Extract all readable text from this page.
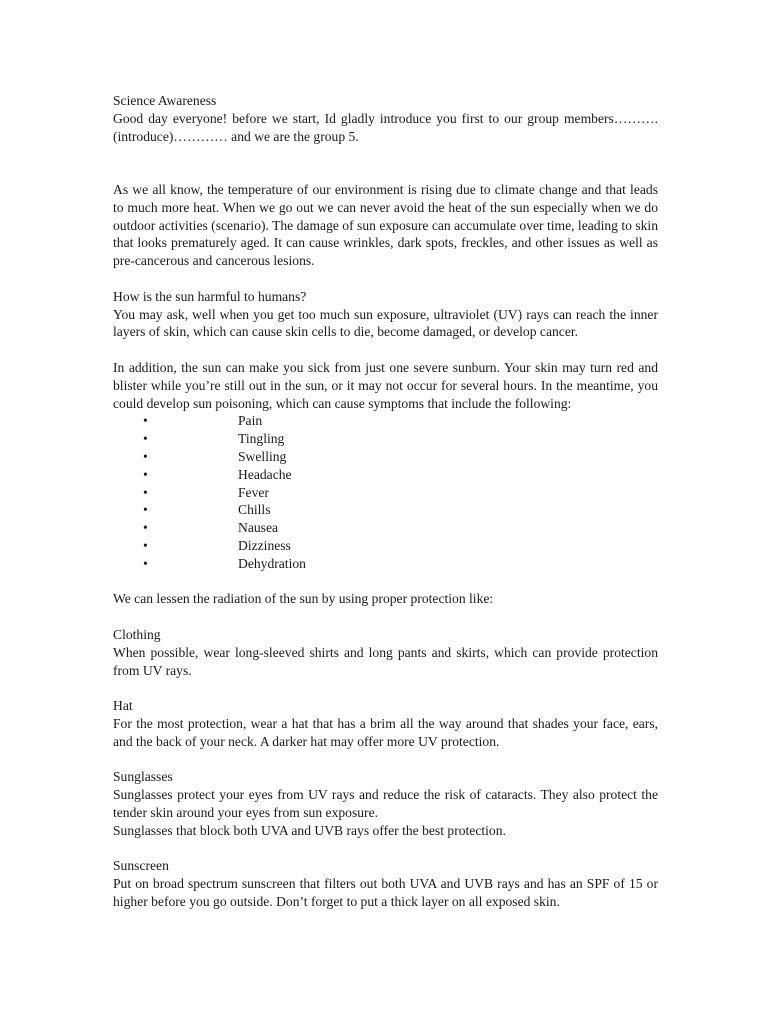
Science Awareness

Good day everyone! before we start, Id gladly introduce you first to our group members……….(introduce)………… and we are the group 5.

As we all know, the temperature of our environment is rising due to climate change and that leads to much more heat. When we go out we can never avoid the heat of the sun especially when we do outdoor activities (scenario). The damage of sun exposure can accumulate over time, leading to skin that looks prematurely aged. It can cause wrinkles, dark spots, freckles, and other issues as well as pre-cancerous and cancerous lesions.

How is the sun harmful to humans?

You may ask, well when you get too much sun exposure, ultraviolet (UV) rays can reach the inner layers of skin, which can cause skin cells to die, become damaged, or develop cancer.

In addition, the sun can make you sick from just one severe sunburn. Your skin may turn red and blister while you’re still out in the sun, or it may not occur for several hours. In the meantime, you could develop sun poisoning, which can cause symptoms that include the following:

•	Pain
•	Tingling
•	Swelling
•	Headache
•	Fever
•	Chills
•	Nausea
•	Dizziness
•	Dehydration

We can lessen the radiation of the sun by using proper protection like:

Clothing

When possible, wear long-sleeved shirts and long pants and skirts, which can provide protection from UV rays.

Hat

For the most protection, wear a hat that has a brim all the way around that shades your face, ears, and the back of your neck. A darker hat may offer more UV protection.

Sunglasses

Sunglasses protect your eyes from UV rays and reduce the risk of cataracts. They also protect the tender skin around your eyes from sun exposure.

Sunglasses that block both UVA and UVB rays offer the best protection.

Sunscreen

Put on broad spectrum sunscreen that filters out both UVA and UVB rays and has an SPF of 15 or higher before you go outside. Don’t forget to put a thick layer on all exposed skin.
